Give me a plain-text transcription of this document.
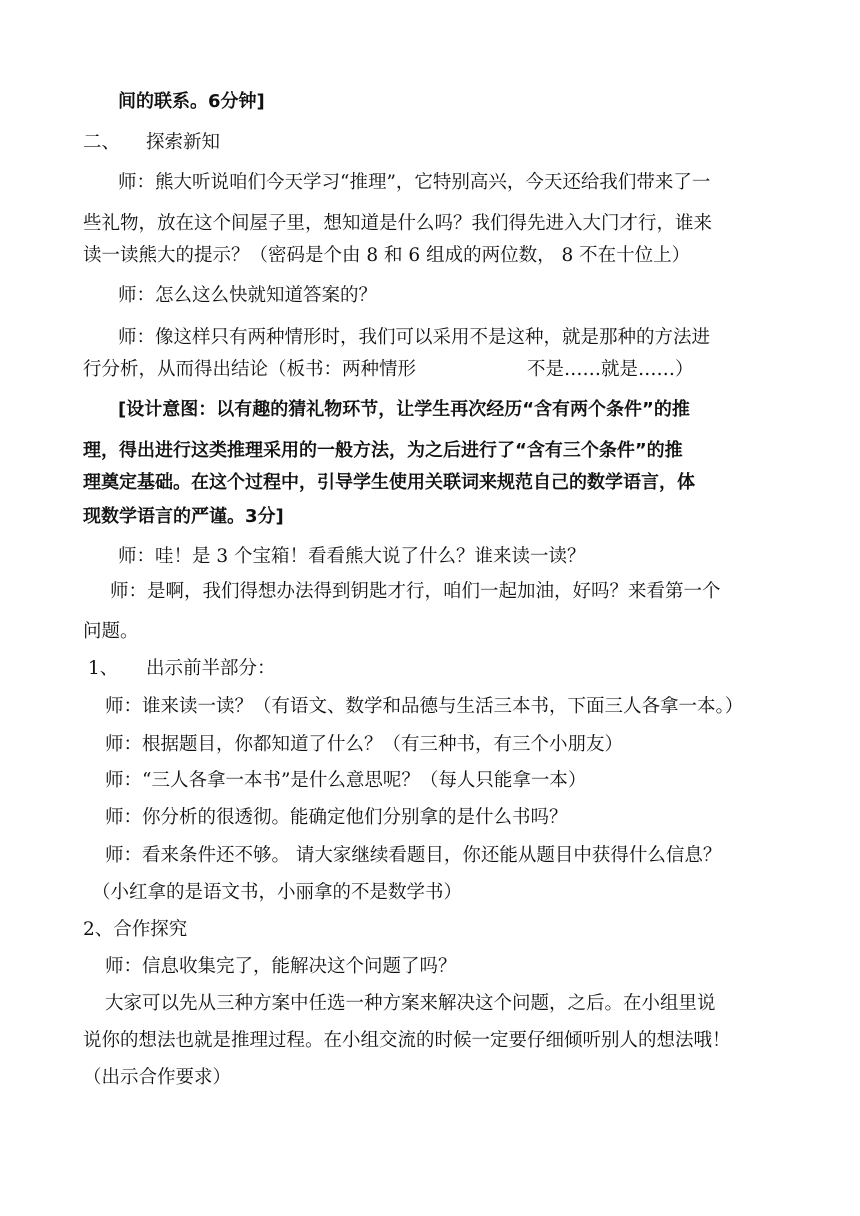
间的联系。6分钟]
二、	探索新知
师：熊大听说咱们今天学习“推理”，它特别高兴，今天还给我们带来了一
些礼物，放在这个间屋子里，想知道是什么吗？我们得先进入大门才行，谁来
读一读熊大的提示？（密码是个由 8 和 6 组成的两位数， 8 不在十位上）
师：怎么这么快就知道答案的？
师：像这样只有两种情形时，我们可以采用不是这种，就是那种的方法进
行分析，从而得出结论（板书：两种情形	不是……就是……）
[设计意图：以有趣的猜礼物环节，让学生再次经历“含有两个条件”的推
理，得出进行这类推理采用的一般方法，为之后进行了“含有三个条件”的推
理奠定基础。在这个过程中，引导学生使用关联词来规范自己的数学语言，体
现数学语言的严谨。3分]
师：哇！是 3 个宝箱！看看熊大说了什么？谁来读一读？
师：是啊，我们得想办法得到钥匙才行，咱们一起加油，好吗？来看第一个
问题。
1、	出示前半部分：
师：谁来读一读？（有语文、数学和品德与生活三本书，下面三人各拿一本。）
师：根据题目，你都知道了什么？（有三种书，有三个小朋友）
师：“三人各拿一本书”是什么意思呢？（每人只能拿一本）
师：你分析的很透彻。能确定他们分别拿的是什么书吗？
师：看来条件还不够。 请大家继续看题目，你还能从题目中获得什么信息？
（小红拿的是语文书，小丽拿的不是数学书）
2、合作探究
师：信息收集完了，能解决这个问题了吗？
大家可以先从三种方案中任选一种方案来解决这个问题，之后。在小组里说
说你的想法也就是推理过程。在小组交流的时候一定要仔细倾听别人的想法哦！
（出示合作要求）
